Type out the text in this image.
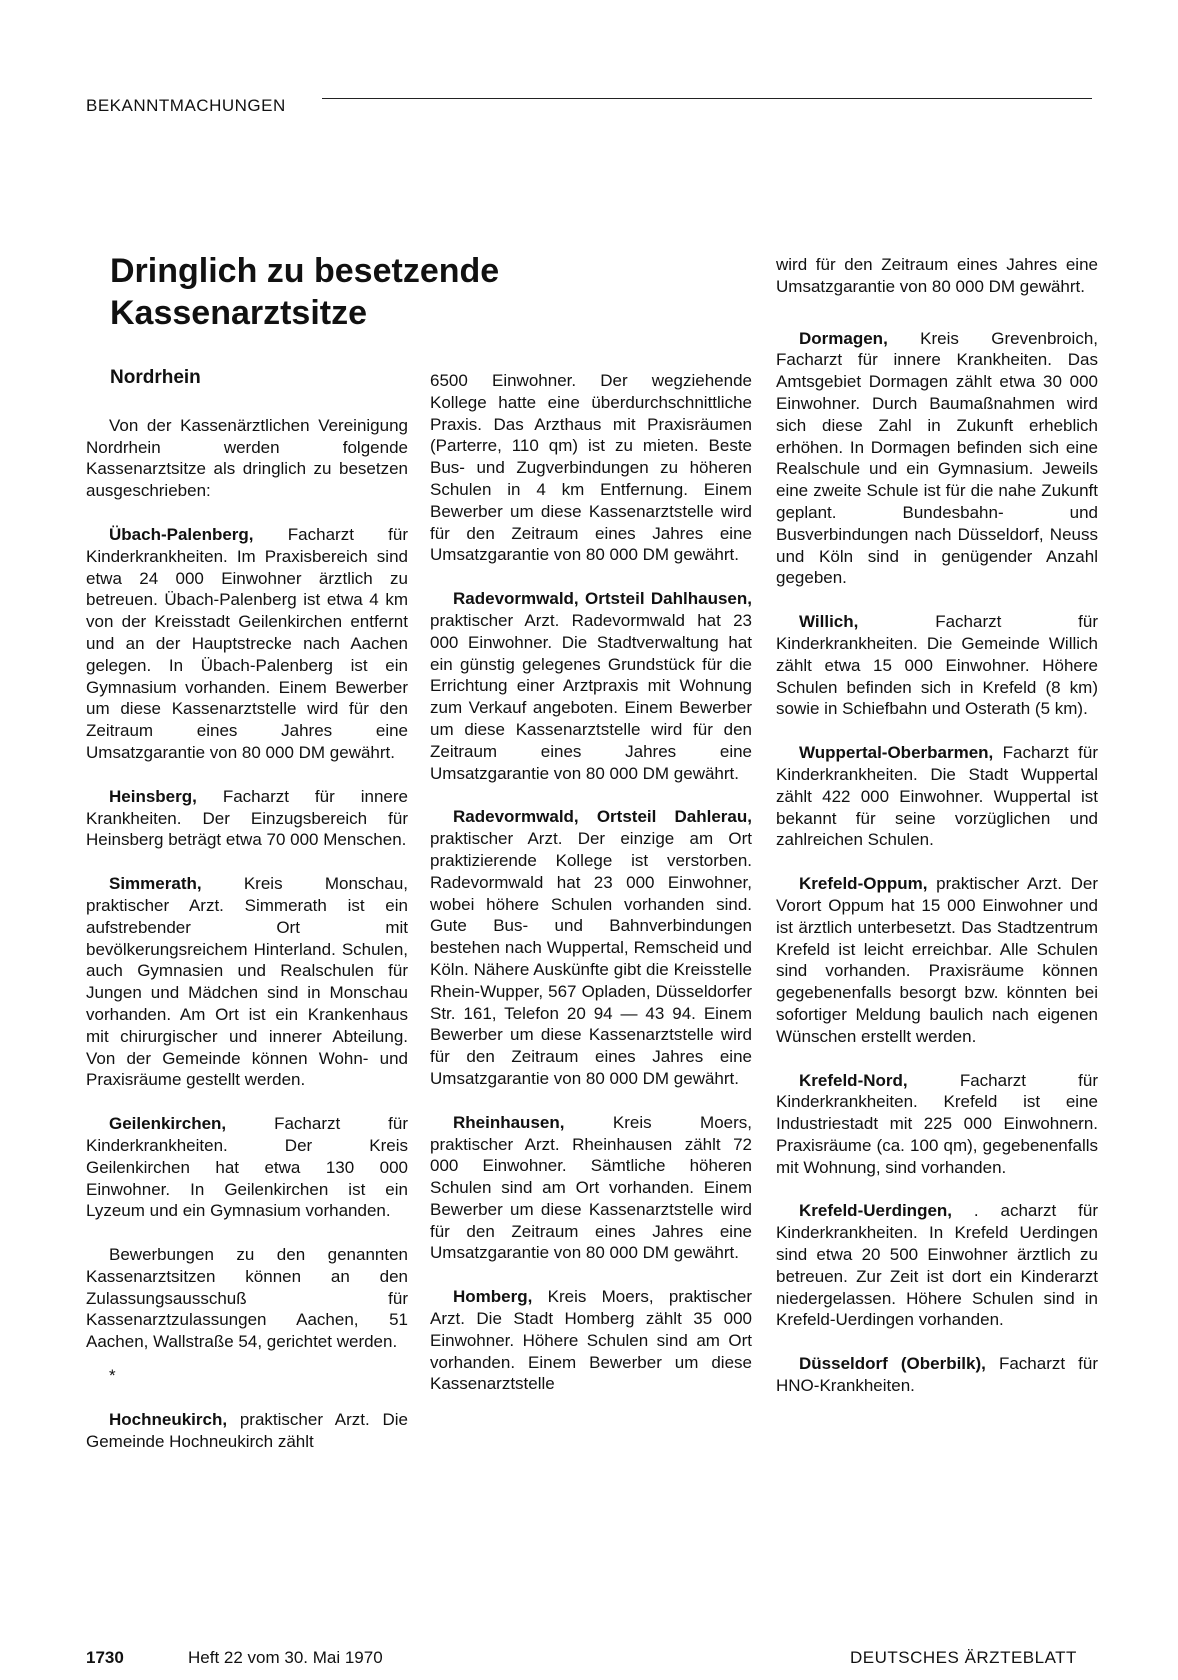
BEKANNTMACHUNGEN
Dringlich zu besetzende
Kassenarztsitze
Nordrhein

Von der Kassenärztlichen Vereinigung Nordrhein werden folgende Kassenarztsitze als dringlich zu besetzen ausgeschrieben:

Übach-Palenberg, Facharzt für Kinderkrankheiten. Im Praxisbereich sind etwa 24 000 Einwohner ärztlich zu betreuen. Übach-Palenberg ist etwa 4 km von der Kreisstadt Geilenkirchen entfernt und an der Hauptstrecke nach Aachen gelegen. In Übach-Palenberg ist ein Gymnasium vorhanden. Einem Bewerber um diese Kassenarztstelle wird für den Zeitraum eines Jahres eine Umsatzgarantie von 80 000 DM gewährt.

Heinsberg, Facharzt für innere Krankheiten. Der Einzugsbereich für Heinsberg beträgt etwa 70 000 Menschen.

Simmerath, Kreis Monschau, praktischer Arzt. Simmerath ist ein aufstrebender Ort mit bevölkerungsreichem Hinterland. Schulen, auch Gymnasien und Realschulen für Jungen und Mädchen sind in Monschau vorhanden. Am Ort ist ein Krankenhaus mit chirurgischer und innerer Abteilung. Von der Gemeinde können Wohn- und Praxisräume gestellt werden.

Geilenkirchen, Facharzt für Kinderkrankheiten. Der Kreis Geilenkirchen hat etwa 130 000 Einwohner. In Geilenkirchen ist ein Lyzeum und ein Gymnasium vorhanden.

Bewerbungen zu den genannten Kassenarztsitzen können an den Zulassungsausschuß für Kassenarztzulassungen Aachen, 51 Aachen, Wallstraße 54, gerichtet werden.

*

Hochneukirch, praktischer Arzt. Die Gemeinde Hochneukirch zählt

6500 Einwohner. Der wegziehende Kollege hatte eine überdurchschnittliche Praxis. Das Arzthaus mit Praxisräumen (Parterre, 110 qm) ist zu mieten. Beste Bus- und Zugverbindungen zu höheren Schulen in 4 km Entfernung. Einem Bewerber um diese Kassenarztstelle wird für den Zeitraum eines Jahres eine Umsatzgarantie von 80 000 DM gewährt.

Radevormwald, Ortsteil Dahlhausen, praktischer Arzt. Radevormwald hat 23 000 Einwohner. Die Stadtverwaltung hat ein günstig gelegenes Grundstück für die Errichtung einer Arztpraxis mit Wohnung zum Verkauf angeboten. Einem Bewerber um diese Kassenarztstelle wird für den Zeitraum eines Jahres eine Umsatzgarantie von 80 000 DM gewährt.

Radevormwald, Ortsteil Dahlerau, praktischer Arzt. Der einzige am Ort praktizierende Kollege ist verstorben. Radevormwald hat 23 000 Einwohner, wobei höhere Schulen vorhanden sind. Gute Bus- und Bahnverbindungen bestehen nach Wuppertal, Remscheid und Köln. Nähere Auskünfte gibt die Kreisstelle Rhein-Wupper, 567 Opladen, Düsseldorfer Str. 161, Telefon 20 94 — 43 94. Einem Bewerber um diese Kassenarztstelle wird für den Zeitraum eines Jahres eine Umsatzgarantie von 80 000 DM gewährt.

Rheinhausen, Kreis Moers, praktischer Arzt. Rheinhausen zählt 72 000 Einwohner. Sämtliche höheren Schulen sind am Ort vorhanden. Einem Bewerber um diese Kassenarztstelle wird für den Zeitraum eines Jahres eine Umsatzgarantie von 80 000 DM gewährt.

Homberg, Kreis Moers, praktischer Arzt. Die Stadt Homberg zählt 35 000 Einwohner. Höhere Schulen sind am Ort vorhanden. Einem Bewerber um diese Kassenarztstelle

wird für den Zeitraum eines Jahres eine Umsatzgarantie von 80 000 DM gewährt.

Dormagen, Kreis Grevenbroich, Facharzt für innere Krankheiten. Das Amtsgebiet Dormagen zählt etwa 30 000 Einwohner. Durch Baumaßnahmen wird sich diese Zahl in Zukunft erheblich erhöhen. In Dormagen befinden sich eine Realschule und ein Gymnasium. Jeweils eine zweite Schule ist für die nahe Zukunft geplant. Bundesbahn- und Busverbindungen nach Düsseldorf, Neuss und Köln sind in genügender Anzahl gegeben.

Willich, Facharzt für Kinderkrankheiten. Die Gemeinde Willich zählt etwa 15 000 Einwohner. Höhere Schulen befinden sich in Krefeld (8 km) sowie in Schiefbahn und Osterath (5 km).

Wuppertal-Oberbarmen, Facharzt für Kinderkrankheiten. Die Stadt Wuppertal zählt 422 000 Einwohner. Wuppertal ist bekannt für seine vorzüglichen und zahlreichen Schulen.

Krefeld-Oppum, praktischer Arzt. Der Vorort Oppum hat 15 000 Einwohner und ist ärztlich unterbesetzt. Das Stadtzentrum Krefeld ist leicht erreichbar. Alle Schulen sind vorhanden. Praxisräume können gegebenenfalls besorgt bzw. könnten bei sofortiger Meldung baulich nach eigenen Wünschen erstellt werden.

Krefeld-Nord, Facharzt für Kinderkrankheiten. Krefeld ist eine Industriestadt mit 225 000 Einwohnern. Praxisräume (ca. 100 qm), gegebenenfalls mit Wohnung, sind vorhanden.

Krefeld-Uerdingen, . acharzt für Kinderkrankheiten. In Krefeld Uerdingen sind etwa 20 500 Einwohner ärztlich zu betreuen. Zur Zeit ist dort ein Kinderarzt niedergelassen. Höhere Schulen sind in Krefeld-Uerdingen vorhanden.

Düsseldorf (Oberbilk), Facharzt für HNO-Krankheiten.

1730	Heft 22 vom 30. Mai 1970	DEUTSCHES ÄRZTEBLATT
